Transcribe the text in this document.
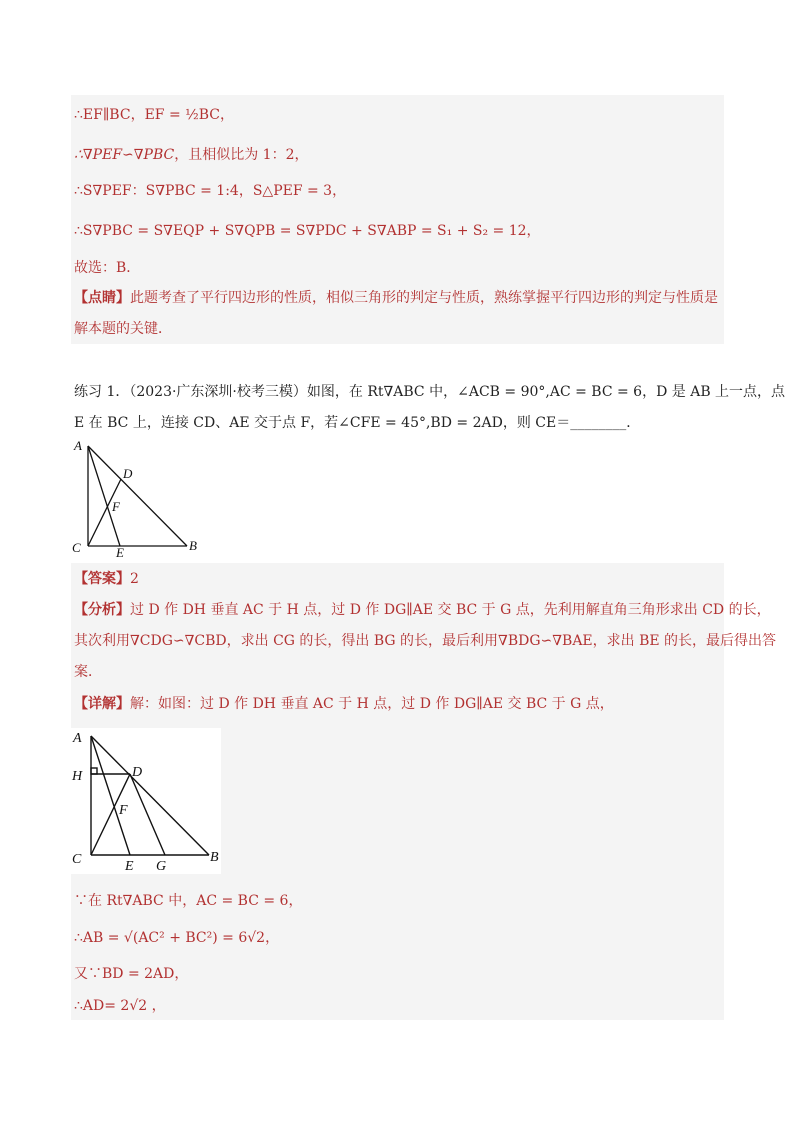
∴EF∥BC，EF = ½BC，
∴∇PEF∽∇PBC，且相似比为 1：2，
∴S∇PEF：S∇PBC = 1:4，S△PEF = 3，
∴S∇PBC = S∇EQP + S∇QPB = S∇PDC + S∇ABP = S₁ + S₂ = 12，
故选：B．
【点睛】此题考查了平行四边形的性质，相似三角形的判定与性质，熟练掌握平行四边形的判定与性质是
解本题的关键．
练习 1．（2023·广东深圳·校考三模）如图，在 Rt∇ABC 中，∠ACB = 90°,AC = BC = 6，D 是 AB 上一点，点
E 在 BC 上，连接 CD、AE 交于点 F，若∠CFE = 45°,BD = 2AD，则 CE＝________．
A
D
F
C	E	B
【答案】2
【分析】过 D 作 DH 垂直 AC 于 H 点，过 D 作 DG∥AE 交 BC 于 G 点，先利用解直角三角形求出 CD 的长，
其次利用∇CDG∽∇CBD，求出 CG 的长，得出 BG 的长，最后利用∇BDG∽∇BAE，求出 BE 的长，最后得出答
案．
【详解】解：如图：过 D 作 DH 垂直 AC 于 H 点，过 D 作 DG∥AE 交 BC 于 G 点，
A
H	D
F
C	E G
B
∵在 Rt∇ABC 中，AC = BC = 6，
∴AB = √(AC² + BC²) = 6√2，
又∵BD = 2AD，
∴AD= 2√2 ，
